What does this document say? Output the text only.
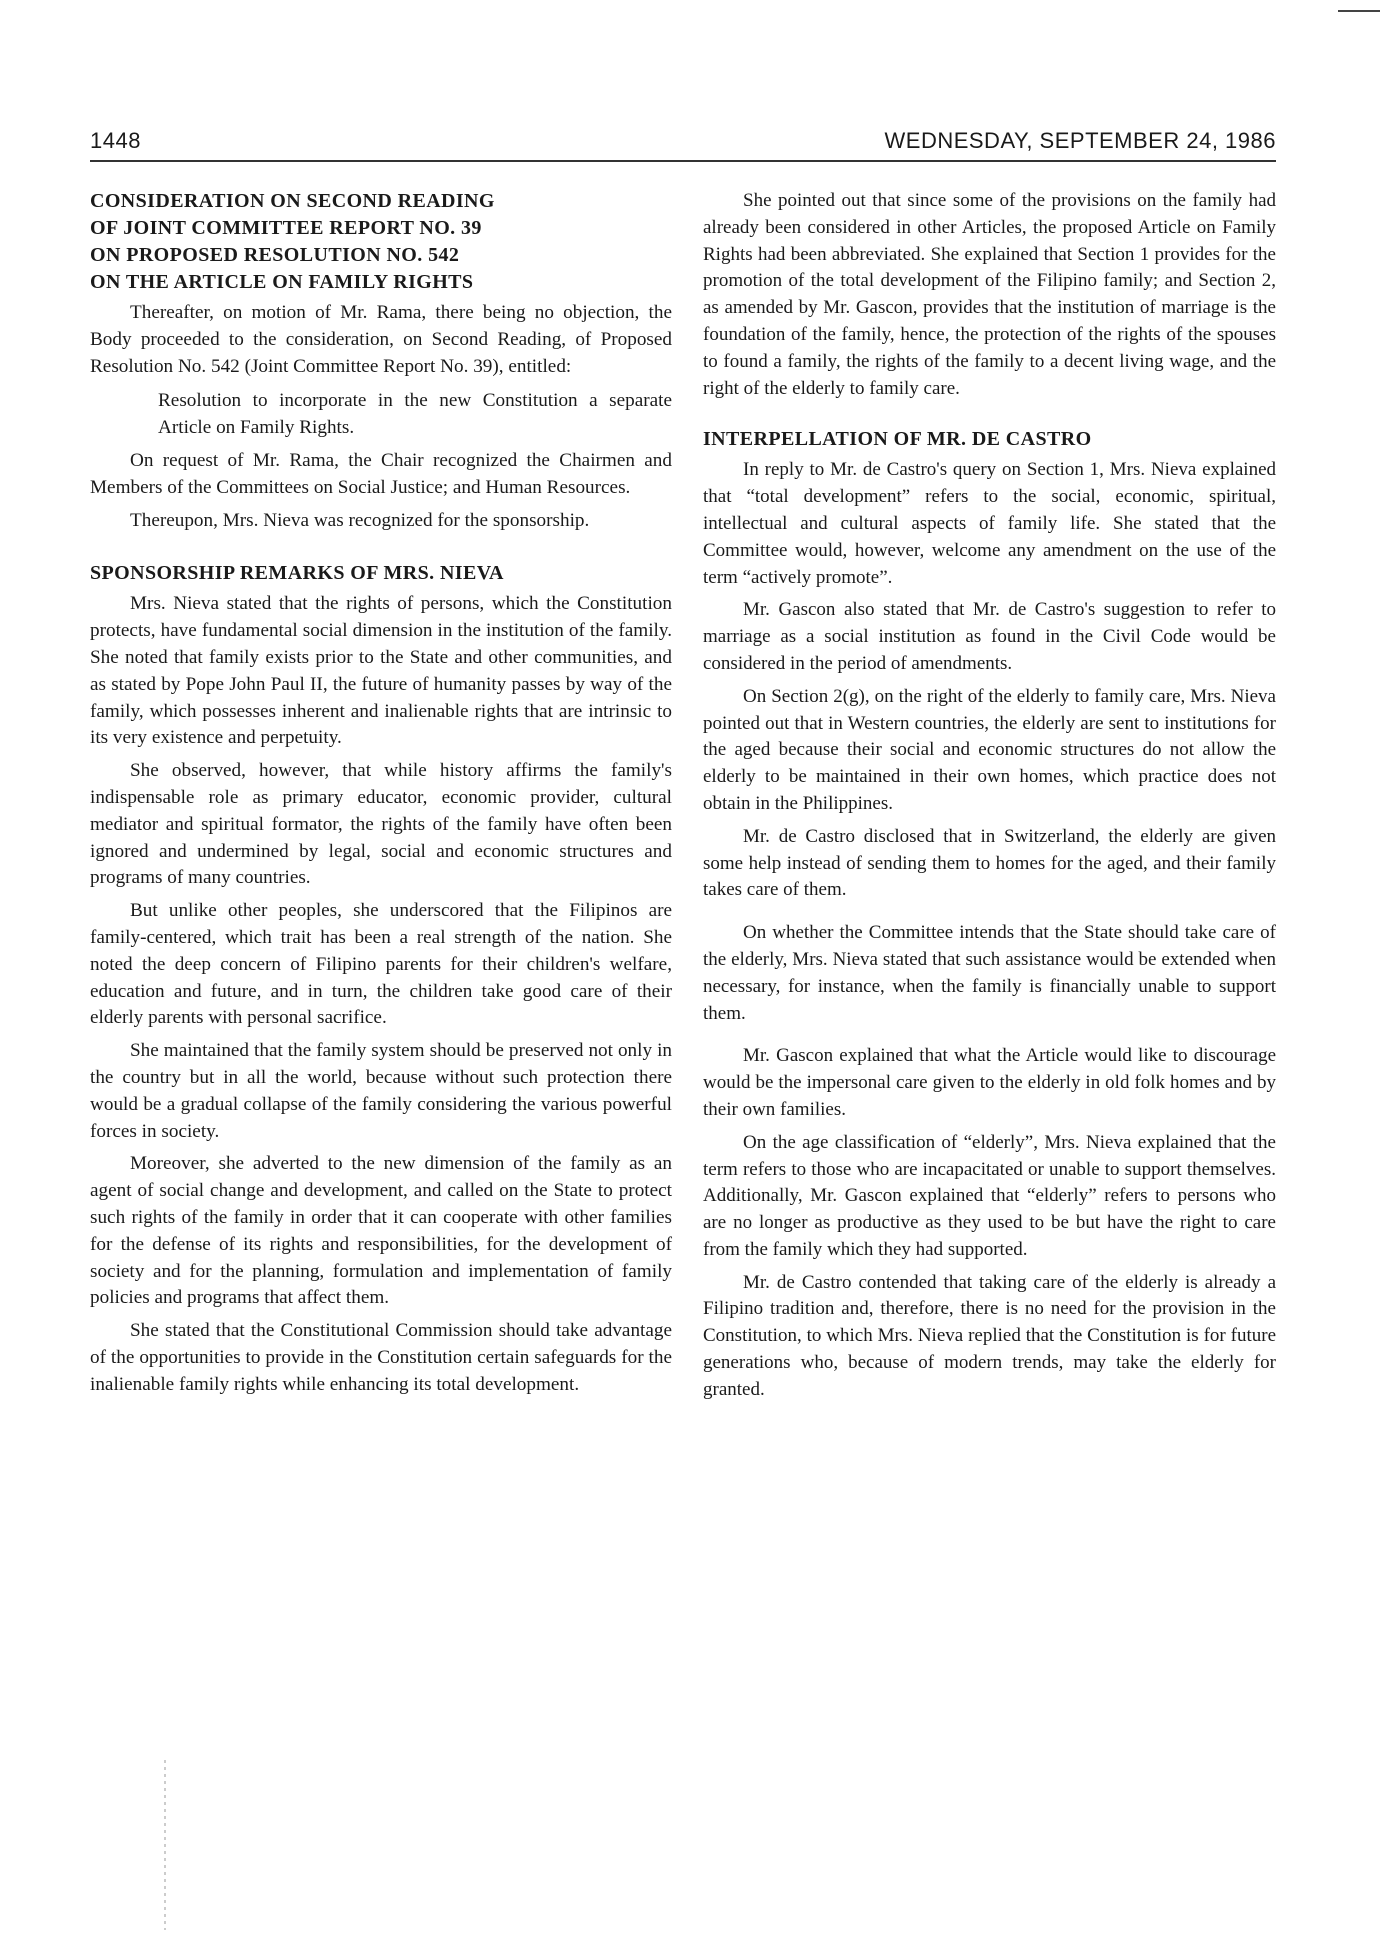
1448	WEDNESDAY, SEPTEMBER 24, 1986
CONSIDERATION ON SECOND READING
OF JOINT COMMITTEE REPORT NO. 39
ON PROPOSED RESOLUTION NO. 542
ON THE ARTICLE ON FAMILY RIGHTS

Thereafter, on motion of Mr. Rama, there being no objection, the Body proceeded to the consideration, on Second Reading, of Proposed Resolution No. 542 (Joint Committee Report No. 39), entitled:

Resolution to incorporate in the new Constitution a separate Article on Family Rights.

On request of Mr. Rama, the Chair recognized the Chairmen and Members of the Committees on Social Justice; and Human Resources.

Thereupon, Mrs. Nieva was recognized for the sponsorship.

SPONSORSHIP REMARKS OF MRS. NIEVA

Mrs. Nieva stated that the rights of persons, which the Constitution protects, have fundamental social dimension in the institution of the family. She noted that family exists prior to the State and other communities, and as stated by Pope John Paul II, the future of humanity passes by way of the family, which possesses inherent and inalienable rights that are intrinsic to its very existence and perpetuity.

She observed, however, that while history affirms the family's indispensable role as primary educator, economic provider, cultural mediator and spiritual formator, the rights of the family have often been ignored and undermined by legal, social and economic structures and programs of many countries.

But unlike other peoples, she underscored that the Filipinos are family-centered, which trait has been a real strength of the nation. She noted the deep concern of Filipino parents for their children's welfare, education and future, and in turn, the children take good care of their elderly parents with personal sacrifice.

She maintained that the family system should be preserved not only in the country but in all the world, because without such protection there would be a gradual collapse of the family considering the various powerful forces in society.

Moreover, she adverted to the new dimension of the family as an agent of social change and development, and called on the State to protect such rights of the family in order that it can cooperate with other families for the defense of its rights and responsibilities, for the development of society and for the planning, formulation and implementation of family policies and programs that affect them.

She stated that the Constitutional Commission should take advantage of the opportunities to provide in the Constitution certain safeguards for the inalienable family rights while enhancing its total development.

She pointed out that since some of the provisions on the family had already been considered in other Articles, the proposed Article on Family Rights had been abbreviated. She explained that Section 1 provides for the promotion of the total development of the Filipino family; and Section 2, as amended by Mr. Gascon, provides that the institution of marriage is the foundation of the family, hence, the protection of the rights of the spouses to found a family, the rights of the family to a decent living wage, and the right of the elderly to family care.

INTERPELLATION OF MR. DE CASTRO

In reply to Mr. de Castro's query on Section 1, Mrs. Nieva explained that “total development” refers to the social, economic, spiritual, intellectual and cultural aspects of family life. She stated that the Committee would, however, welcome any amendment on the use of the term “actively promote”.

Mr. Gascon also stated that Mr. de Castro's suggestion to refer to marriage as a social institution as found in the Civil Code would be considered in the period of amendments.

On Section 2(g), on the right of the elderly to family care, Mrs. Nieva pointed out that in Western countries, the elderly are sent to institutions for the aged because their social and economic structures do not allow the elderly to be maintained in their own homes, which practice does not obtain in the Philippines.

Mr. de Castro disclosed that in Switzerland, the elderly are given some help instead of sending them to homes for the aged, and their family takes care of them.

On whether the Committee intends that the State should take care of the elderly, Mrs. Nieva stated that such assistance would be extended when necessary, for instance, when the family is financially unable to support them.

Mr. Gascon explained that what the Article would like to discourage would be the impersonal care given to the elderly in old folk homes and by their own families.

On the age classification of “elderly”, Mrs. Nieva explained that the term refers to those who are incapacitated or unable to support themselves. Additionally, Mr. Gascon explained that “elderly” refers to persons who are no longer as productive as they used to be but have the right to care from the family which they had supported.

Mr. de Castro contended that taking care of the elderly is already a Filipino tradition and, therefore, there is no need for the provision in the Constitution, to which Mrs. Nieva replied that the Constitution is for future generations who, because of modern trends, may take the elderly for granted.
